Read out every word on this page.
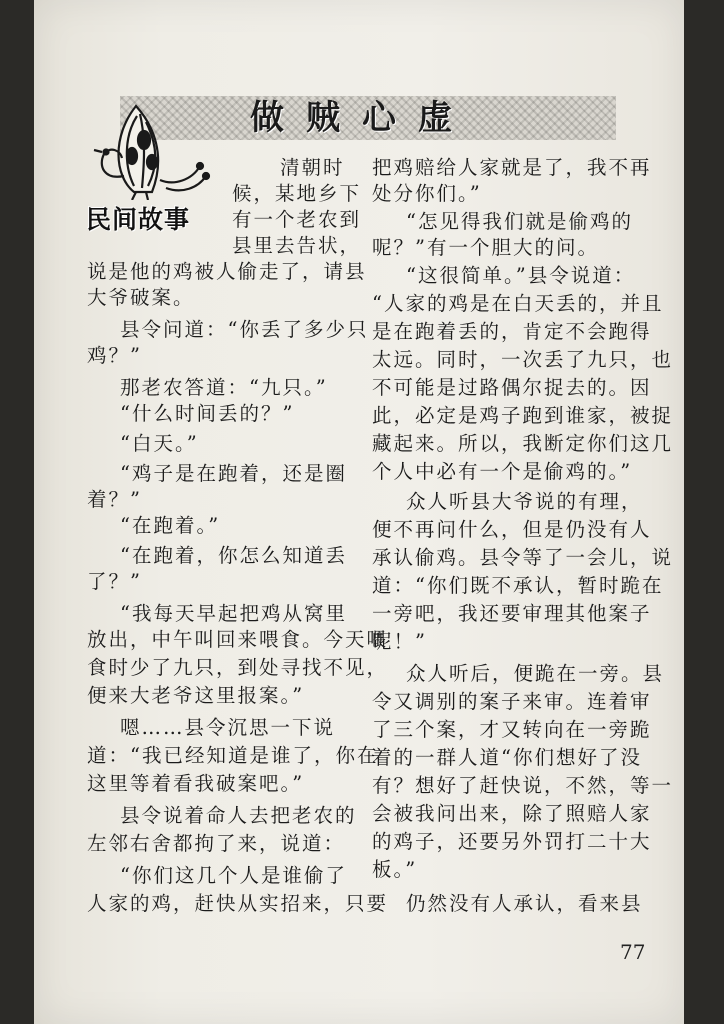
做贼心虚
民间故事
清朝时
候，某地乡下
有一个老农到
县里去告状，
说是他的鸡被人偷走了，请县
大爷破案。
县令问道：“你丢了多少只
鸡？”
那老农答道：“九只。”
“什么时间丢的？”
“白天。”
“鸡子是在跑着，还是圈
着？”
“在跑着。”
“在跑着，你怎么知道丢
了？”
“我每天早起把鸡从窝里
放出，中午叫回来喂食。今天喂
食时少了九只，到处寻找不见，
便来大老爷这里报案。”
嗯……县令沉思一下说
道：“我已经知道是谁了，你在
这里等着看我破案吧。”
县令说着命人去把老农的
左邻右舍都拘了来，说道：
“你们这几个人是谁偷了
人家的鸡，赶快从实招来，只要
把鸡赔给人家就是了，我不再
处分你们。”
“怎见得我们就是偷鸡的
呢？”有一个胆大的问。
“这很简单。”县令说道：
“人家的鸡是在白天丢的，并且
是在跑着丢的，肯定不会跑得
太远。同时，一次丢了九只，也
不可能是过路偶尔捉去的。因
此，必定是鸡子跑到谁家，被捉
藏起来。所以，我断定你们这几
个人中必有一个是偷鸡的。”
众人听县大爷说的有理，
便不再问什么，但是仍没有人
承认偷鸡。县令等了一会儿，说
道：“你们既不承认，暂时跪在
一旁吧，我还要审理其他案子
呢！”
众人听后，便跪在一旁。县
令又调别的案子来审。连着审
了三个案，才又转向在一旁跪
着的一群人道“你们想好了没
有？想好了赶快说，不然，等一
会被我问出来，除了照赔人家
的鸡子，还要另外罚打二十大
板。”
仍然没有人承认，看来县
77
